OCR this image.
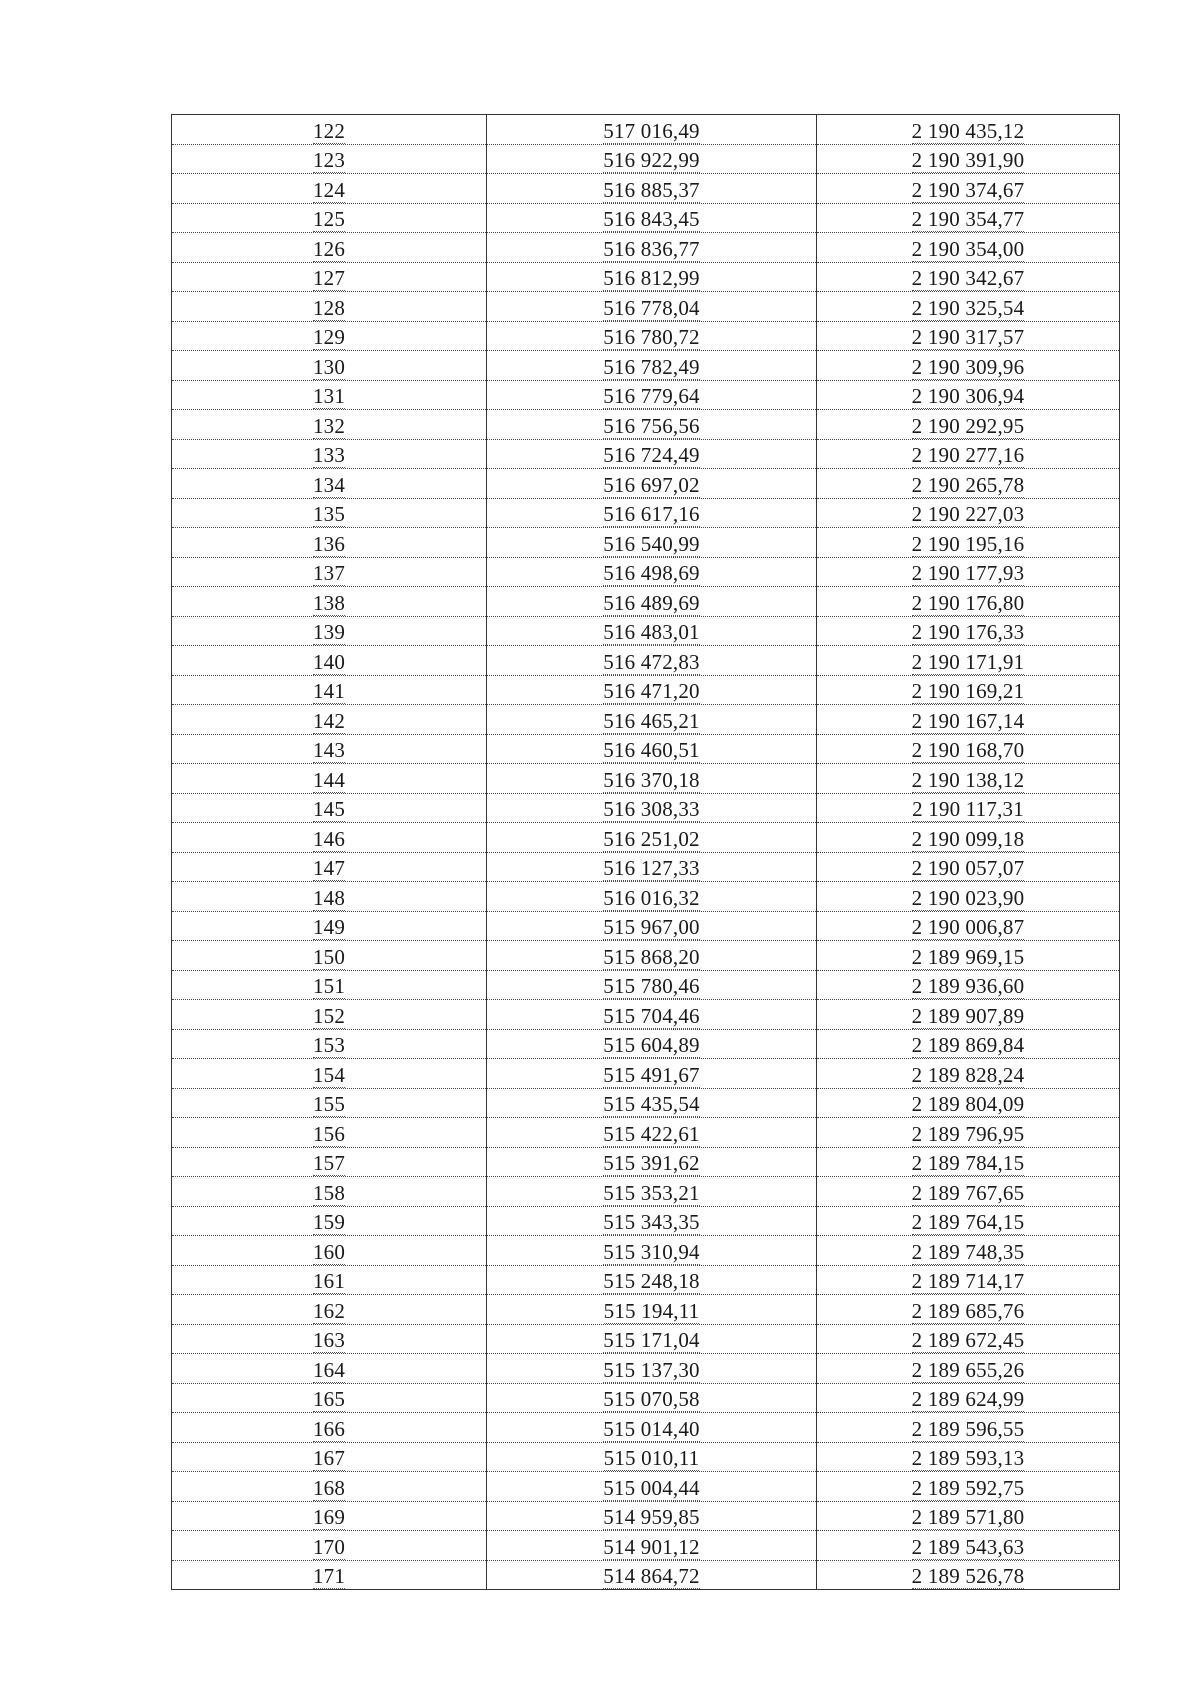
122	517 016,49	2 190 435,12
123	516 922,99	2 190 391,90
124	516 885,37	2 190 374,67
125	516 843,45	2 190 354,77
126	516 836,77	2 190 354,00
127	516 812,99	2 190 342,67
128	516 778,04	2 190 325,54
129	516 780,72	2 190 317,57
130	516 782,49	2 190 309,96
131	516 779,64	2 190 306,94
132	516 756,56	2 190 292,95
133	516 724,49	2 190 277,16
134	516 697,02	2 190 265,78
135	516 617,16	2 190 227,03
136	516 540,99	2 190 195,16
137	516 498,69	2 190 177,93
138	516 489,69	2 190 176,80
139	516 483,01	2 190 176,33
140	516 472,83	2 190 171,91
141	516 471,20	2 190 169,21
142	516 465,21	2 190 167,14
143	516 460,51	2 190 168,70
144	516 370,18	2 190 138,12
145	516 308,33	2 190 117,31
146	516 251,02	2 190 099,18
147	516 127,33	2 190 057,07
148	516 016,32	2 190 023,90
149	515 967,00	2 190 006,87
150	515 868,20	2 189 969,15
151	515 780,46	2 189 936,60
152	515 704,46	2 189 907,89
153	515 604,89	2 189 869,84
154	515 491,67	2 189 828,24
155	515 435,54	2 189 804,09
156	515 422,61	2 189 796,95
157	515 391,62	2 189 784,15
158	515 353,21	2 189 767,65
159	515 343,35	2 189 764,15
160	515 310,94	2 189 748,35
161	515 248,18	2 189 714,17
162	515 194,11	2 189 685,76
163	515 171,04	2 189 672,45
164	515 137,30	2 189 655,26
165	515 070,58	2 189 624,99
166	515 014,40	2 189 596,55
167	515 010,11	2 189 593,13
168	515 004,44	2 189 592,75
169	514 959,85	2 189 571,80
170	514 901,12	2 189 543,63
171	514 864,72	2 189 526,78
